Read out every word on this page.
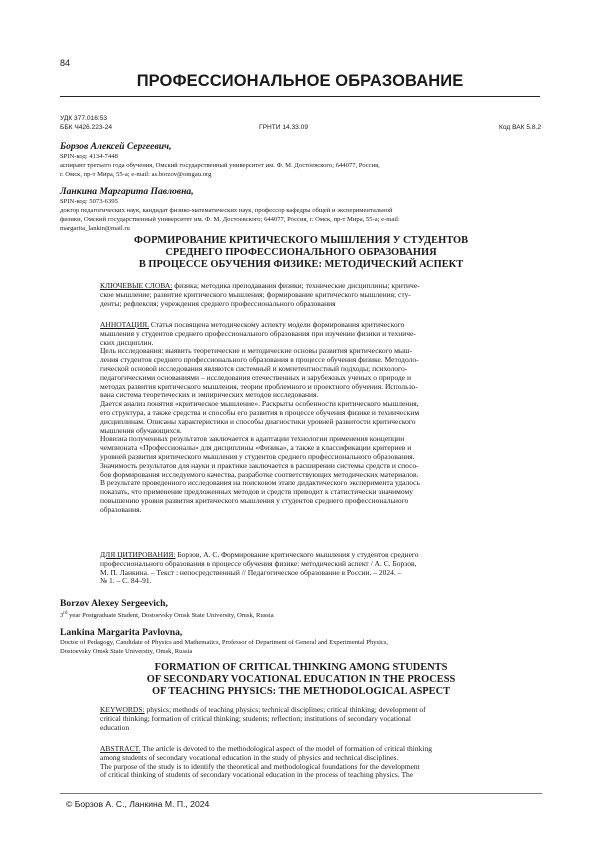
84
ПРОФЕССИОНАЛЬНОЕ ОБРАЗОВАНИЕ
УДК 377.016:53
ББК Ч426.223-24	ГРНТИ 14.33.09	Код ВАК 5.8.2
Борзов Алексей Сергеевич,
SPIN-код: 4134-7448
аспирант третьего года обучения, Омский государственный университет им. Ф. М. Достоевского; 644077, Россия,
г. Омск, пр-т Мира, 55-а; e-mail: as.borzov@omgau.org
Ланкина Маргарита Павловна,
SPIN-код: 5073-6395
доктор педагогических наук, кандидат физико-математических наук, профессор кафедры общей и экспериментальной
физики, Омский государственный университет им. Ф. М. Достоевского; 644077, Россия, г. Омск, пр-т Мира, 55-а; e-mail:
margarita_lankin@mail.ru
ФОРМИРОВАНИЕ КРИТИЧЕСКОГО МЫШЛЕНИЯ У СТУДЕНТОВ
СРЕДНЕГО ПРОФЕССИОНАЛЬНОГО ОБРАЗОВАНИЯ
В ПРОЦЕССЕ ОБУЧЕНИЯ ФИЗИКЕ: МЕТОДИЧЕСКИЙ АСПЕКТ
КЛЮЧЕВЫЕ СЛОВА: физика; методика преподавания физики; технические дисциплины; критиче-
ское мышление; развитие критического мышления; формирование критического мышления; сту-
денты; рефлексия; учреждения среднего профессионального образования
АННОТАЦИЯ. Статья посвящена методическому аспекту модели формирования критического
мышления у студентов среднего профессионального образования при изучении физики и техниче-
ских дисциплин.
Цель исследования: выявить теоретические и методические основы развития критического мыш-
ления студентов среднего профессионального образования в процессе обучения физике. Методоло-
гической основой исследования являются системный и компетентностный подходы; психолого-
педагогическими основаниями – исследования отечественных и зарубежных ученых о природе и
методах развития критического мышления, теории проблемного и проектного обучения. Использо-
вана система теоретических и эмпирических методов исследования.
Дается анализ понятия «критическое мышление». Раскрыты особенности критического мышления,
его структура, а также средства и способы его развития в процессе обучения физике и техническим
дисциплинам. Описаны характеристики и способы диагностики уровней развитости критического
мышления обучающихся.
Новизна полученных результатов заключается в адаптации технологии применения концепции
чемпионата «Профессионалы» для дисциплины «Физика», а также в классификации критериев и
уровней развития критического мышления у студентов среднего профессионального образования.
Значимость результатов для науки и практики заключается в расширении системы средств и спосо-
бов формирования исследуемого качества, разработке соответствующих методических материалов.
В результате проведенного исследования на поисковом этапе дидактического эксперимента удалось
показать, что применение предложенных методов и средств приводит к статистически значимому
повышению уровня развития критического мышления у студентов среднего профессионального
образования.
ДЛЯ ЦИТИРОВАНИЯ: Борзов, А. С. Формирование критического мышления у студентов среднего
профессионального образования в процессе обучения физике: методический аспект / А. С. Борзов,
М. П. Ланкина. – Текст : непосредственный // Педагогическое образование в России. – 2024. –
№ 1. – С. 84–91.
Borzov Alexey Sergeevich,
3rd year Postgraduate Student, Dostoevsky Omsk State University, Omsk, Russia
Lankina Margarita Pavlovna,
Doctor of Pedagogy, Candidate of Physics and Mathematics, Professor of Department of General and Experimental Physics,
Dostoevsky Omsk State University, Omsk, Russia
FORMATION OF CRITICAL THINKING AMONG STUDENTS
OF SECONDARY VOCATIONAL EDUCATION IN THE PROCESS
OF TEACHING PHYSICS: THE METHODOLOGICAL ASPECT
KEYWORDS: physics; methods of teaching physics; technical disciplines; critical thinking; development of
critical thinking; formation of critical thinking; students; reflection; institutions of secondary vocational
education
ABSTRACT. The article is devoted to the methodological aspect of the model of formation of critical thinking
among students of secondary vocational education in the study of physics and technical disciplines.
The purpose of the study is to identify the theoretical and methodological foundations for the development
of critical thinking of students of secondary vocational education in the process of teaching physics. The
© Борзов А. С., Ланкина М. П., 2024
